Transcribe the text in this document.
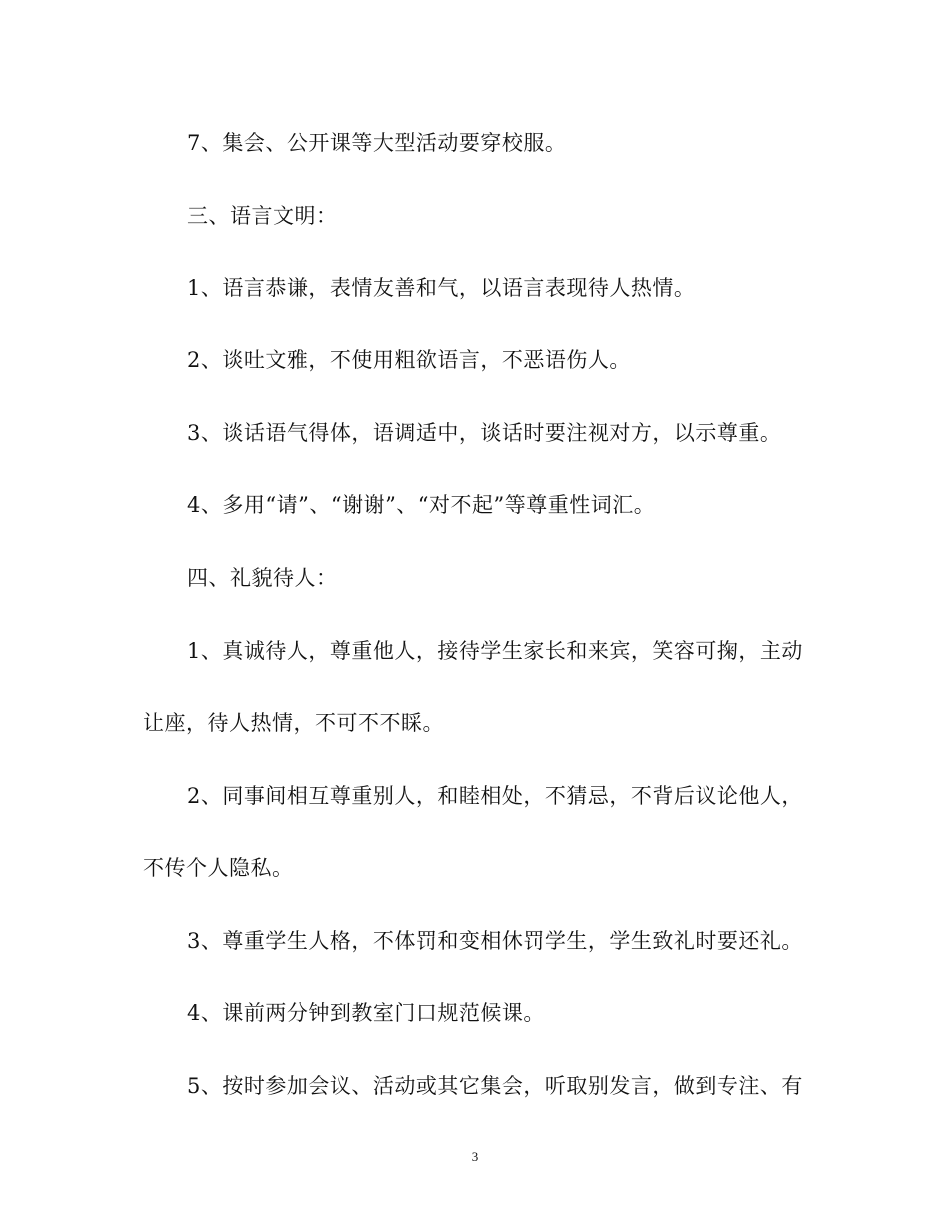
7、集会、公开课等大型活动要穿校服。
三、语言文明：
1、语言恭谦，表情友善和气，以语言表现待人热情。
2、谈吐文雅，不使用粗欲语言，不恶语伤人。
3、谈话语气得体，语调适中，谈话时要注视对方，以示尊重。
4、多用“请”、“谢谢”、“对不起”等尊重性词汇。
四、礼貌待人：
1、真诚待人，尊重他人，接待学生家长和来宾，笑容可掬，主动
让座，待人热情，不可不不睬。
2、同事间相互尊重别人，和睦相处，不猜忌，不背后议论他人，
不传个人隐私。
3、尊重学生人格，不体罚和变相休罚学生，学生致礼时要还礼。
4、课前两分钟到教室门口规范候课。
5、按时参加会议、活动或其它集会，听取别发言，做到专注、有
3
